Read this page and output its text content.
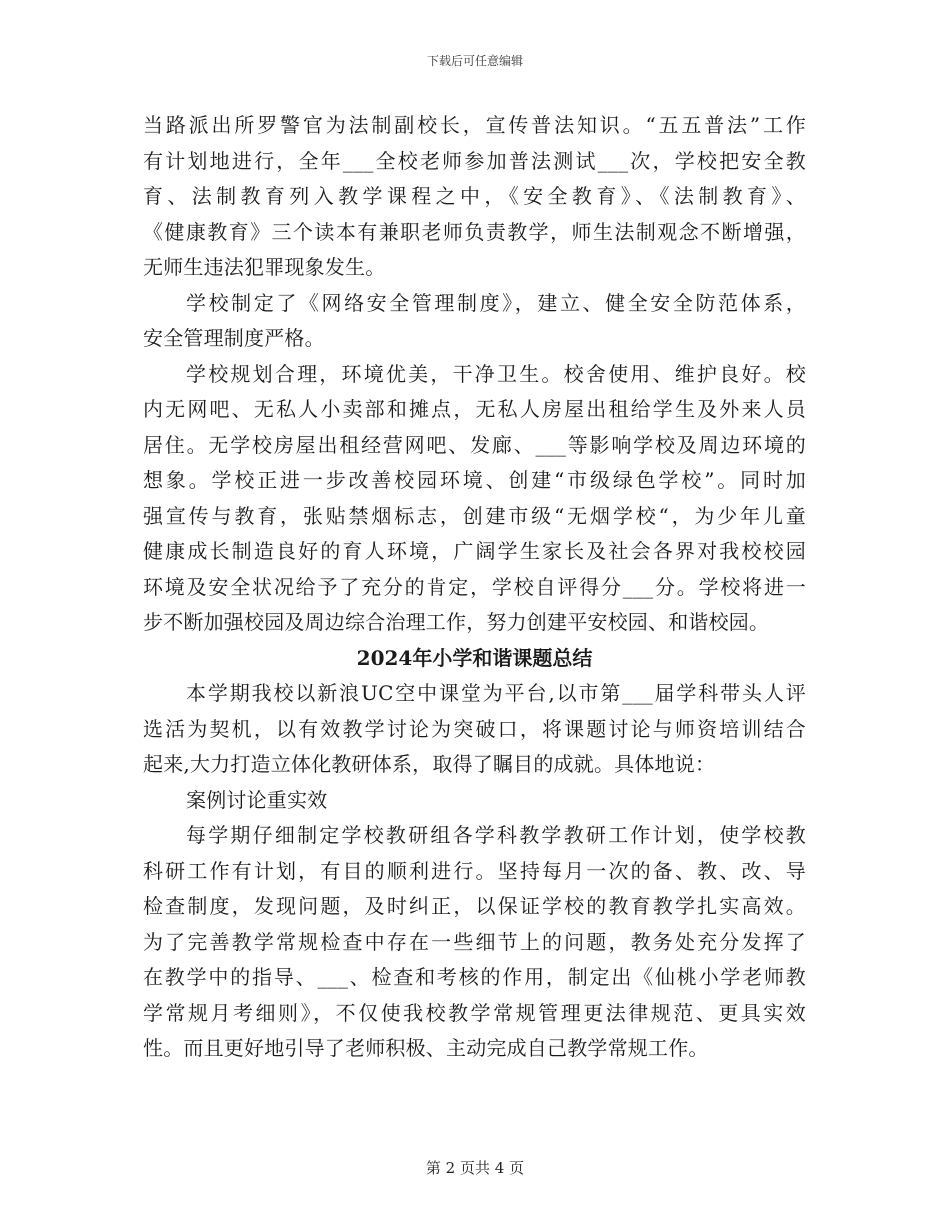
下载后可任意编辑
当路派出所罗警官为法制副校长，宣传普法知识。“五五普法”工作
有计划地进行，全年___全校老师参加普法测试___次，学校把安全教
育、法制教育列入教学课程之中，《安全教育》、《法制教育》、
《健康教育》三个读本有兼职老师负责教学，师生法制观念不断增强，
无师生违法犯罪现象发生。
学校制定了《网络安全管理制度》，建立、健全安全防范体系，
安全管理制度严格。
学校规划合理，环境优美，干净卫生。校舍使用、维护良好。校
内无网吧、无私人小卖部和摊点，无私人房屋出租给学生及外来人员
居住。无学校房屋出租经营网吧、发廊、___等影响学校及周边环境的
想象。学校正进一步改善校园环境、创建“市级绿色学校”。同时加
强宣传与教育，张贴禁烟标志，创建市级“无烟学校“，为少年儿童
健康成长制造良好的育人环境，广阔学生家长及社会各界对我校校园
环境及安全状况给予了充分的肯定，学校自评得分___分。学校将进一
步不断加强校园及周边综合治理工作，努力创建平安校园、和谐校园。
2024年小学和谐课题总结
本学期我校以新浪UC空中课堂为平台,以市第___届学科带头人评
选活为契机，以有效教学讨论为突破口，将课题讨论与师资培训结合
起来,大力打造立体化教研体系，取得了瞩目的成就。具体地说：
案例讨论重实效
每学期仔细制定学校教研组各学科教学教研工作计划，使学校教
科研工作有计划，有目的顺利进行。坚持每月一次的备、教、改、导
检查制度，发现问题，及时纠正，以保证学校的教育教学扎实高效。
为了完善教学常规检查中存在一些细节上的问题，教务处充分发挥了
在教学中的指导、___、检查和考核的作用，制定出《仙桃小学老师教
学常规月考细则》，不仅使我校教学常规管理更法律规范、更具实效
性。而且更好地引导了老师积极、主动完成自己教学常规工作。
第 2 页共 4 页
